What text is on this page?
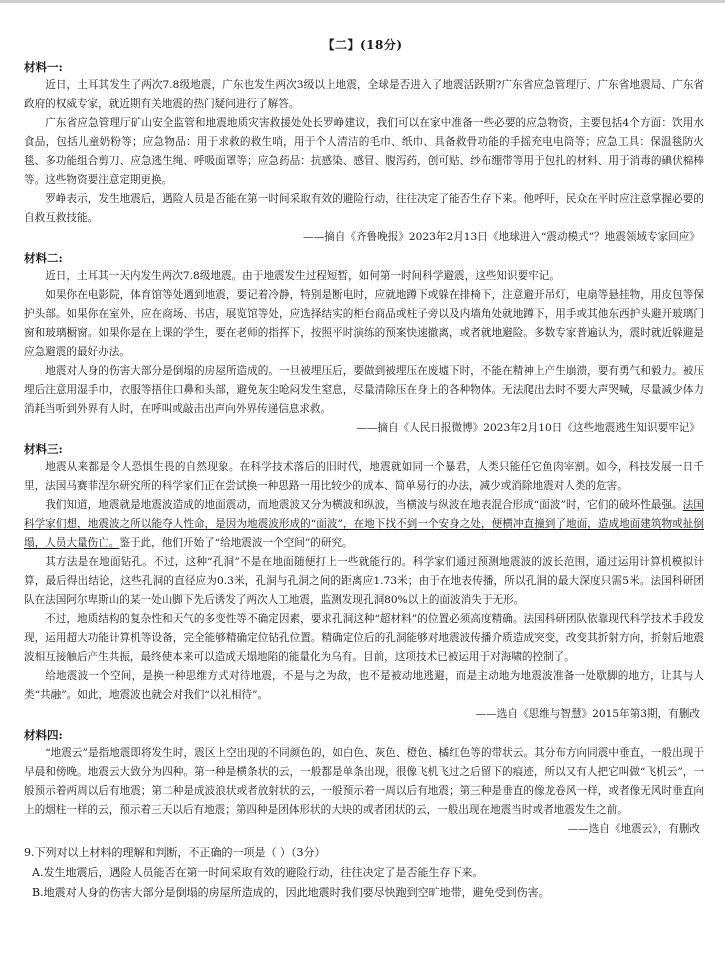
【二】(18分)
材料一:

近日，土耳其发生了两次7.8级地震，广东也发生两次3级以上地震，全球是否进入了地震活跃期?广东省应急管理厅、广东省地震局、广东省政府的权威专家，就近期有关地震的热门疑问进行了解答。

广东省应急管理厅矿山安全监管和地震地质灾害救援处处长罗峥建议，我们可以在家中准备一些必要的应急物资，主要包括4个方面：饮用水食品，包括儿童奶粉等；应急物品：用于求救的救生哨，用于个人清洁的毛巾、纸巾、具备救骨功能的手摇充电电筒等；应急工具：保温毯防火毯、多功能组合剪刀、应急逃生绳、呼吸面罩等；应急药品：抗感染、感冒、腹泻药，创可贴、纱布绷带等用于包扎的材料、用于消毒的碘伏棉棒等。这些物资要注意定期更换。

罗峥表示，发生地震后，遇险人员是否能在第一时间采取有效的避险行动，往往决定了能否生存下来。他呼吁，民众在平时应注意掌握必要的自救互救技能。

——摘自《齐鲁晚报》2023年2月13日《地球进入“震动模式”？地震领域专家回应》

材料二:

近日，土耳其一天内发生两次7.8级地震。由于地震发生过程短暂，如何第一时间科学避震，这些知识要牢记。

如果你在电影院，体育馆等处遇到地震，要记着冷静，特别是断电时，应就地蹲下或躲在排椅下，注意避开吊灯，电扇等悬挂物，用皮包等保护头部。如果你在室外，应在商场、书店，展览馆等处，应选择结实的柜台商品或柱子旁以及内墙角处就地蹲下，用手或其他东西护头避开玻璃门窗和玻璃橱窗。如果你是在上课的学生，要在老师的指挥下，按照平时演练的预案快速撤离，或者就地避险。多数专家普遍认为，震时就近躲避是应急避震的最好办法。

地震对人身的伤害大部分是倒塌的房屋所造成的。一旦被埋压后，要做到被埋压在废墟下时，不能在精神上产生崩溃，要有勇气和毅力。被压埋后注意用湿手巾，衣服等捂住口鼻和头部，避免灰尘呛闷发生窒息，尽量清除压在身上的各种物体。无法爬出去时不要大声哭喊，尽量减少体力消耗当听到外界有人时，在呼叫或敲击出声向外界传递信息求救。

——摘自《人民日报微博》2023年2月10日《这些地震逃生知识要牢记》

材料三:

地震从来都是令人恐惧生畏的自然现象。在科学技术落后的旧时代，地震就如同一个暴君，人类只能任它鱼肉宰割。如今，科技发展一日千里，法国马赛菲涅尔研究所的科学家们正在尝试换一种思路一用比较少的成本、简单易行的办法，减少或消除地震对人类的危害。

我们知道，地震就是地震波造成的地面震动，而地震波又分为横波和纵波，当横波与纵波在地表混合形成“面波”时，它们的破坏性最强。法国科学家们想，地震波之所以能夺人性命，是因为地震波形成的“面波”，在地下找不到一个安身之处，便横冲直撞到了地面，造成地面建筑物或扯倒塌，人员大量伤亡。鉴于此，他们开始了“给地震波一个空间”的研究。

其方法是在地面钻孔。不过，这种“孔洞”不是在地面随便打上一些就能行的。科学家们通过预测地震波的波长范围，通过运用计算机模拟计算，最后得出结论，这些孔洞的直径应为0.3米，孔洞与孔洞之间的距离应1.73米；由于在地表传播，所以孔洞的最大深度只需5米。法国科研团队在法国阿尔卑斯山的某一处山脚下先后诱发了两次人工地震，监测发现孔洞80%以上的面波消失于无形。

不过，地质结构的复杂性和天气的多变性等不确定因素，要求孔洞这种“超材料”的位置必须高度精确。法国科研团队依靠现代科学技术手段发现，运用超大功能计算机等设备，完全能够精确定位钻孔位置。精确定位后的孔洞能够对地震波传播介质造成突变，改变其折射方向，折射后地震波相互接触后产生共振，最终使本来可以造成天塌地陷的能量化为乌有。目前，这项技术已被运用于对海啸的控制了。

给地震波一个空间，是换一种思维方式对待地震，不是与之为敌，也不是被动地逃避，而是主动地为地震波准备一处歇脚的地方，让其与人类“共融”。如此，地震波也就会对我们“以礼相待”。

——选自《思维与智慧》2015年第3期，有删改

材料四:

“地震云”是指地震即将发生时，震区上空出现的不同颜色的，如白色、灰色、橙色、橘红色等的带状云。其分布方向同震中垂直，一般出现于早晨和傍晚。地震云大致分为四种。第一种是横条状的云，一般都是单条出现，很像飞机飞过之后留下的痕迹，所以又有人把它叫做“飞机云”，一般预示着两周以后有地震；第二种是成波浪状或者放射状的云，一般预示着一周以后有地震；第三种是垂直的像龙卷风一样，或者像无风时垂直向上的烟柱一样的云，预示着三天以后有地震；第四种是团体形状的大块的或者团状的云，一般出现在地震当时或者地震发生之前。

——选自《地震云》，有删改

9.下列对以上材料的理解和判断，不正确的一项是（ ）（3分）
A.发生地震后，遇险人员能否在第一时间采取有效的避险行动，往往决定了是否能生存下来。
B.地震对人身的伤害大部分是倒塌的房屋所造成的，因此地震时我们要尽快跑到空旷地带，避免受到伤害。
